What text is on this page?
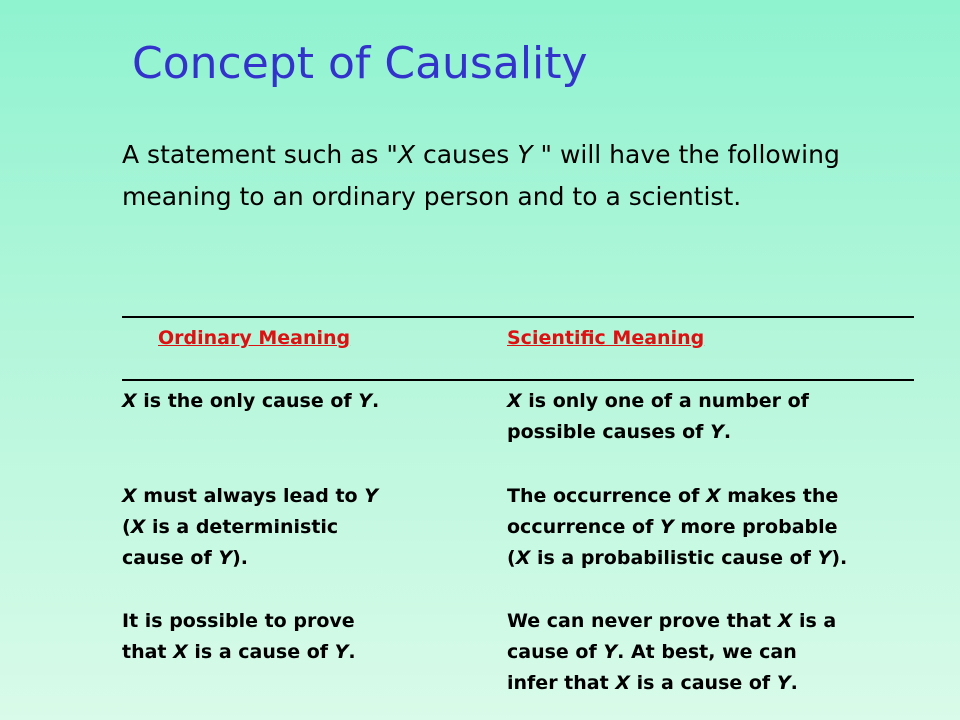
Concept of Causality
A statement such as "X causes Y " will have the following meaning to an ordinary person and to a scientist.
Ordinary Meaning	Scientific Meaning
X is the only cause of Y.	X is only one of a number of
possible causes of Y.
X must always lead to Y
(X is a deterministic
cause of Y).
The occurrence of X makes the
occurrence of Y more probable
(X is a probabilistic cause of Y).
It is possible to prove
that X is a cause of Y.
We can never prove that X is a
cause of Y. At best, we can
infer that X is a cause of Y.
